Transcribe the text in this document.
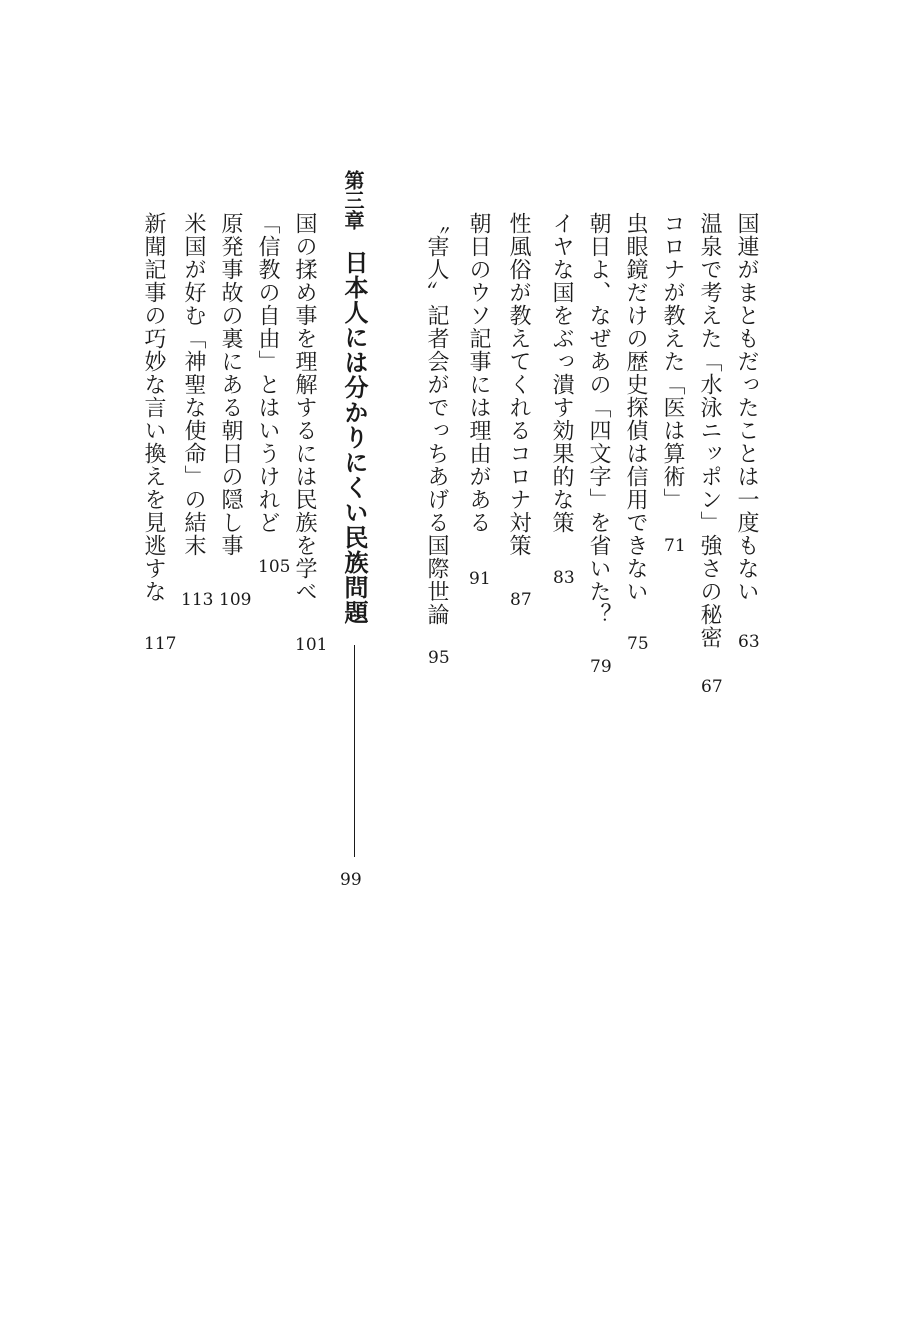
国連がまともだったことは一度もない
63
温泉で考えた「水泳ニッポン」強さの秘密
67
コロナが教えた「医は算術」
71
虫眼鏡だけの歴史探偵は信用できない
75
朝日よ、なぜあの「四文字」を省いた？
79
イヤな国をぶっ潰す効果的な策
83
性風俗が教えてくれるコロナ対策
87
朝日のウソ記事には理由がある
91
〝害人〟記者会がでっちあげる国際世論
95
第三章
日本人には分かりにくい民族問題
99
国の揉め事を理解するには民族を学べ
101
「信教の自由」とはいうけれど
105
原発事故の裏にある朝日の隠し事
109
米国が好む「神聖な使命」の結末
113
新聞記事の巧妙な言い換えを見逃すな
117
